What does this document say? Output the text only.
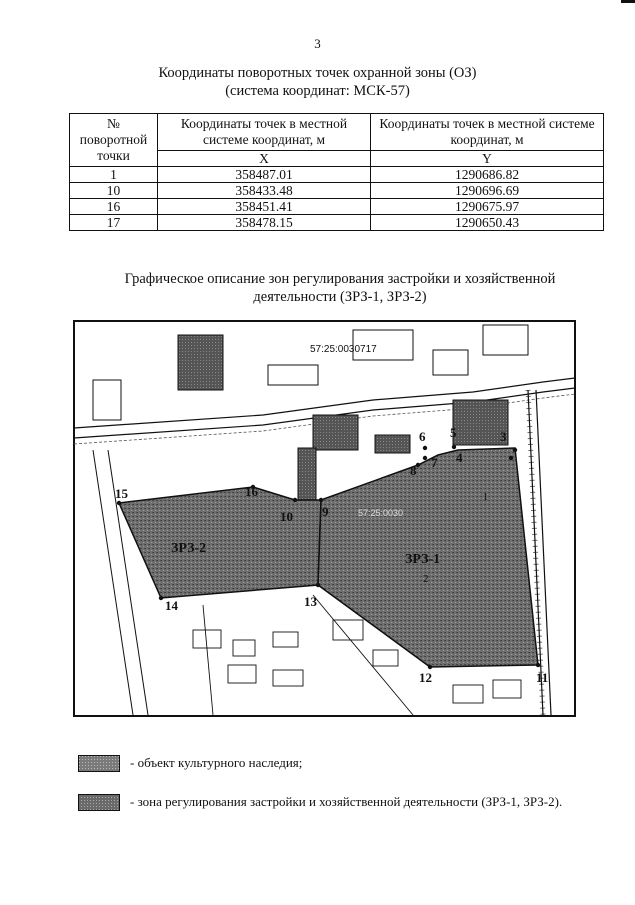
3
Координаты поворотных точек охранной зоны (ОЗ)
(система координат: МСК-57)
№ поворотной точки	Координаты точек в местной системе координат, м	Координаты точек в местной системе координат, м
	X	Y
1	358487.01	1290686.82
10	358433.48	1290696.69
16	358451.41	1290675.97
17	358478.15	1290650.43
Графическое описание зон регулирования застройки и хозяйственной
деятельности (ЗРЗ-1, ЗРЗ-2)
57:25:0030717
57:25:0030
ЗРЗ-2
ЗРЗ-1
3
5
6
4
7
8
9
10
16
15
14	13
12	11
2
1
- объект культурного наследия;
- зона регулирования застройки и хозяйственной деятельности (ЗРЗ-1, ЗРЗ-2).
